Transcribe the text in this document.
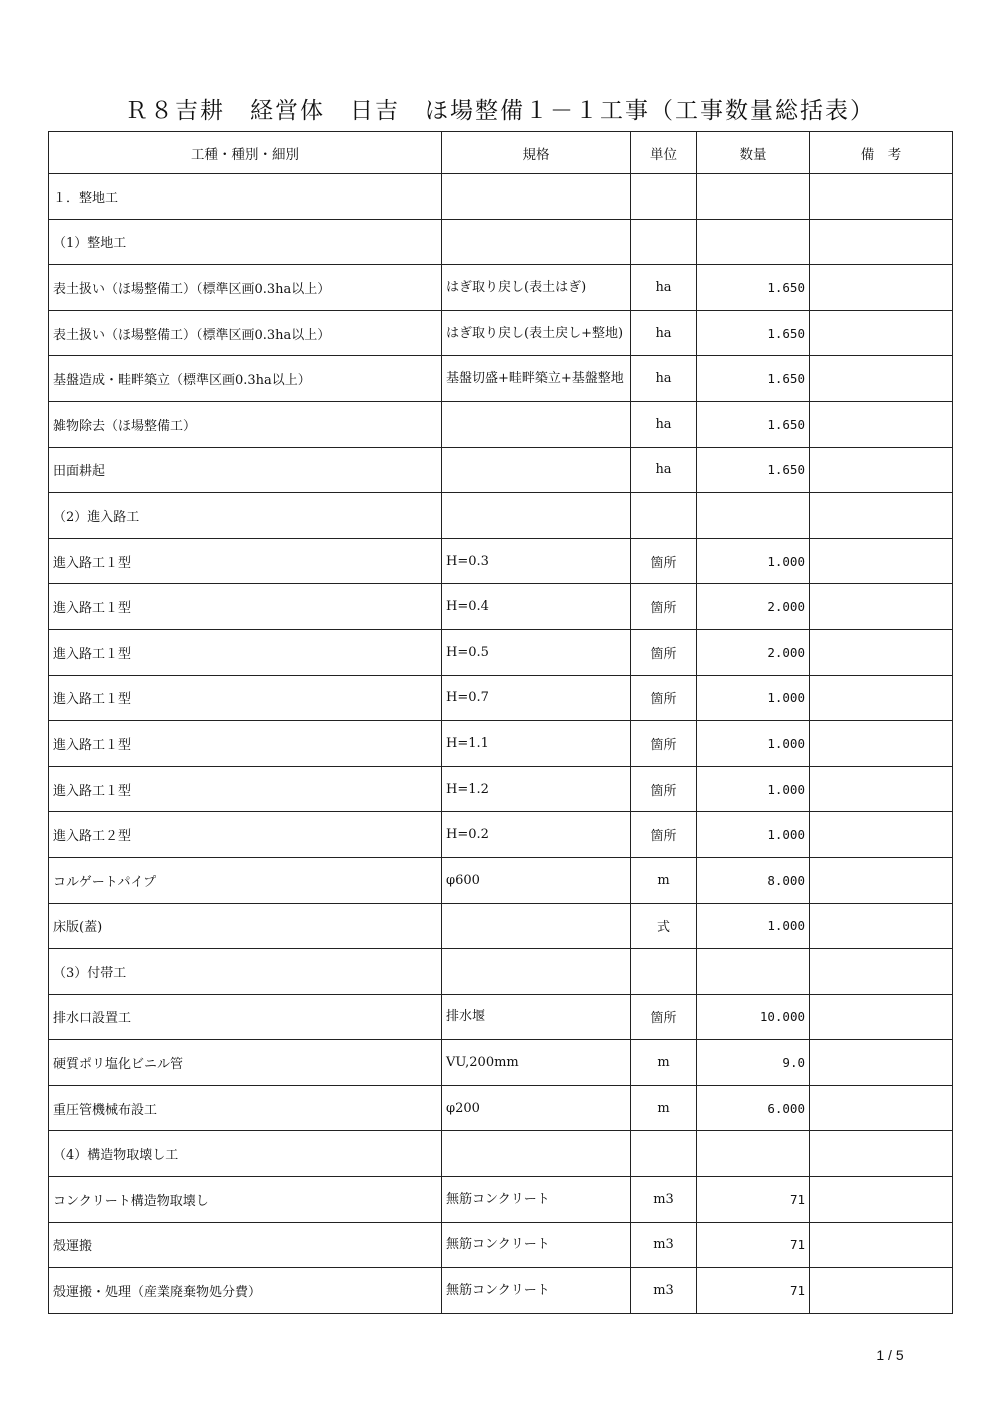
Ｒ８吉耕　経営体　日吉　ほ場整備１－１工事（工事数量総括表）
工種・種別・細別	規格	単位	数量	備　考
１．整地工				
（1）整地工				
表土扱い（ほ場整備工）（標準区画0.3ha以上）	はぎ取り戻し(表土はぎ)	ha	1.650	
表土扱い（ほ場整備工）（標準区画0.3ha以上）	はぎ取り戻し(表土戻し+整地)	ha	1.650	
基盤造成・畦畔築立（標準区画0.3ha以上）	基盤切盛+畦畔築立+基盤整地	ha	1.650	
雑物除去（ほ場整備工）		ha	1.650	
田面耕起		ha	1.650	
（2）進入路工				
進入路工１型	H=0.3	箇所	1.000	
進入路工１型	H=0.4	箇所	2.000	
進入路工１型	H=0.5	箇所	2.000	
進入路工１型	H=0.7	箇所	1.000	
進入路工１型	H=1.1	箇所	1.000	
進入路工１型	H=1.2	箇所	1.000	
進入路工２型	H=0.2	箇所	1.000	
コルゲートパイプ	φ600	m	8.000	
床版(蓋)		式	1.000	
（3）付帯工				
排水口設置工	排水堰	箇所	10.000	
硬質ポリ塩化ビニル管	VU,200mm	m	9.0	
重圧管機械布設工	φ200	m	6.000	
（4）構造物取壊し工				
コンクリート構造物取壊し	無筋コンクリート	m3	71	
殻運搬	無筋コンクリート	m3	71	
殻運搬・処理（産業廃棄物処分費）	無筋コンクリート	m3	71	
1 / 5
